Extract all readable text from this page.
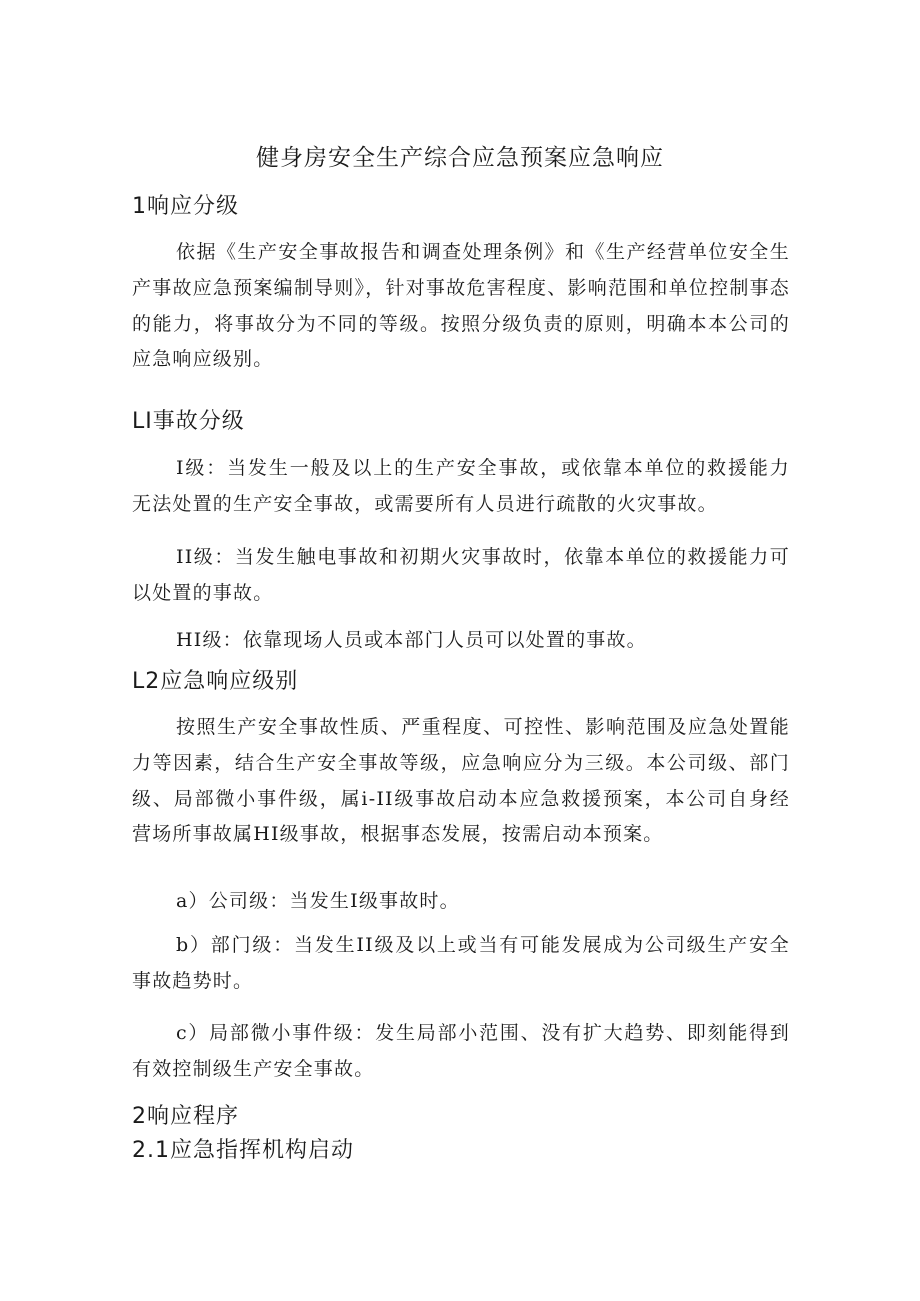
健身房安全生产综合应急预案应急响应
1响应分级
依据《生产安全事故报告和调查处理条例》和《生产经营单位安全生产事故应急预案编制导则》，针对事故危害程度、影响范围和单位控制事态的能力，将事故分为不同的等级。按照分级负责的原则，明确本本公司的应急响应级别。
LI事故分级
I级：当发生一般及以上的生产安全事故，或依靠本单位的救援能力无法处置的生产安全事故，或需要所有人员进行疏散的火灾事故。
II级：当发生触电事故和初期火灾事故时，依靠本单位的救援能力可以处置的事故。
HI级：依靠现场人员或本部门人员可以处置的事故。
L2应急响应级别
按照生产安全事故性质、严重程度、可控性、影响范围及应急处置能力等因素，结合生产安全事故等级，应急响应分为三级。本公司级、部门级、局部微小事件级，属i-II级事故启动本应急救援预案，本公司自身经营场所事故属HI级事故，根据事态发展，按需启动本预案。
a）公司级：当发生I级事故时。
b）部门级：当发生II级及以上或当有可能发展成为公司级生产安全事故趋势时。
c）局部微小事件级：发生局部小范围、没有扩大趋势、即刻能得到有效控制级生产安全事故。
2响应程序
2.1应急指挥机构启动
